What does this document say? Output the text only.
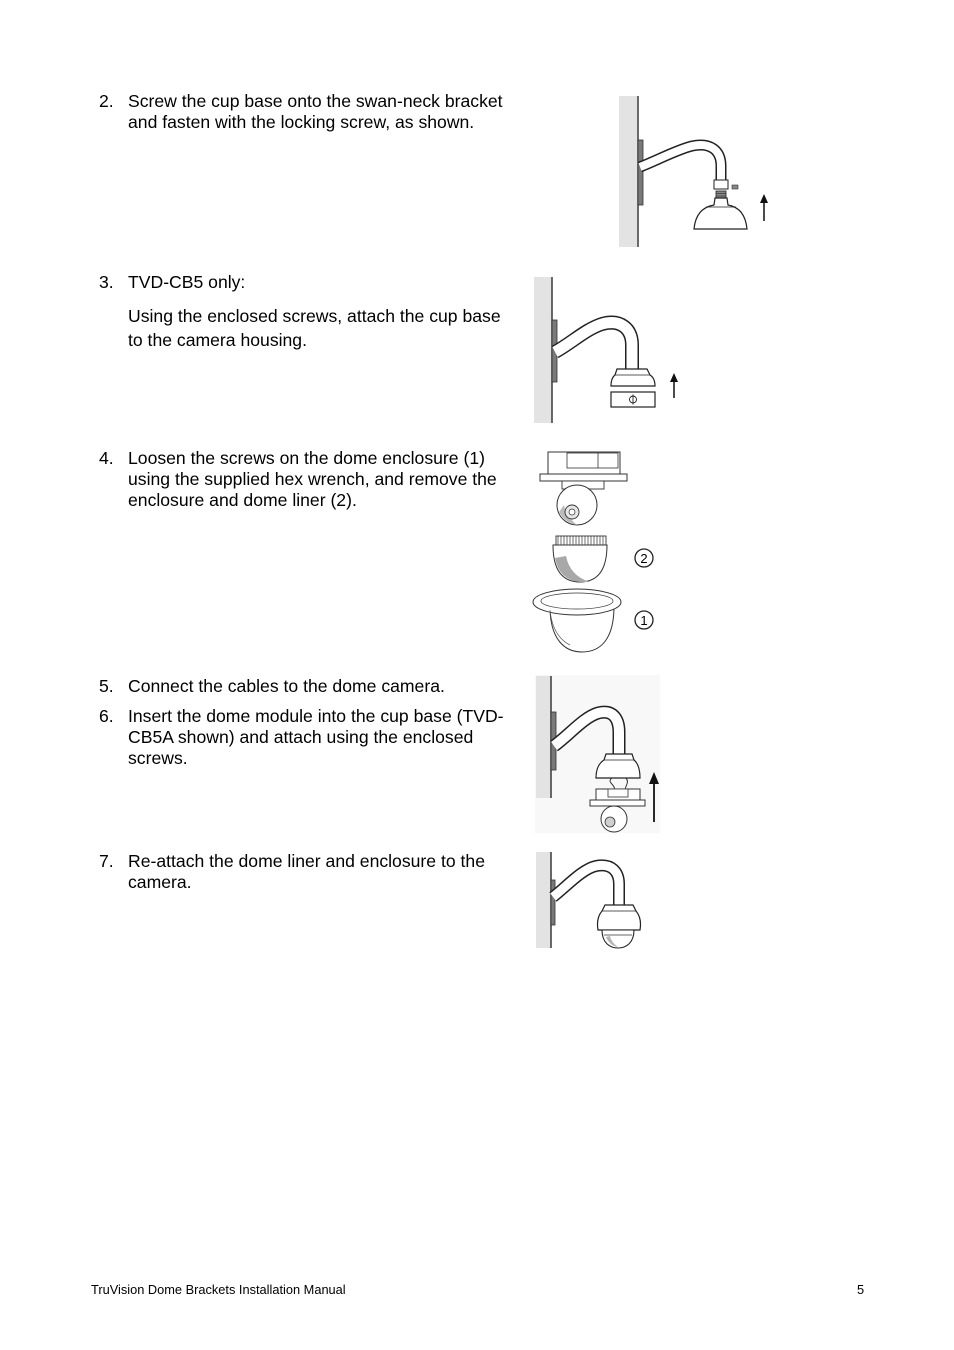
2. Screw the cup base onto the swan-neck bracket
and fasten with the locking screw, as shown.
3. TVD-CB5 only:
Using the enclosed screws, attach the cup base
to the camera housing.
4. Loosen the screws on the dome enclosure (1)
using the supplied hex wrench, and remove the
enclosure and dome liner (2).
5. Connect the cables to the dome camera.
6. Insert the dome module into the cup base (TVD-
CB5A shown) and attach using the enclosed
screws.
7. Re-attach the dome liner and enclosure to the
camera.
2
1
TruVision Dome Brackets Installation Manual	5
